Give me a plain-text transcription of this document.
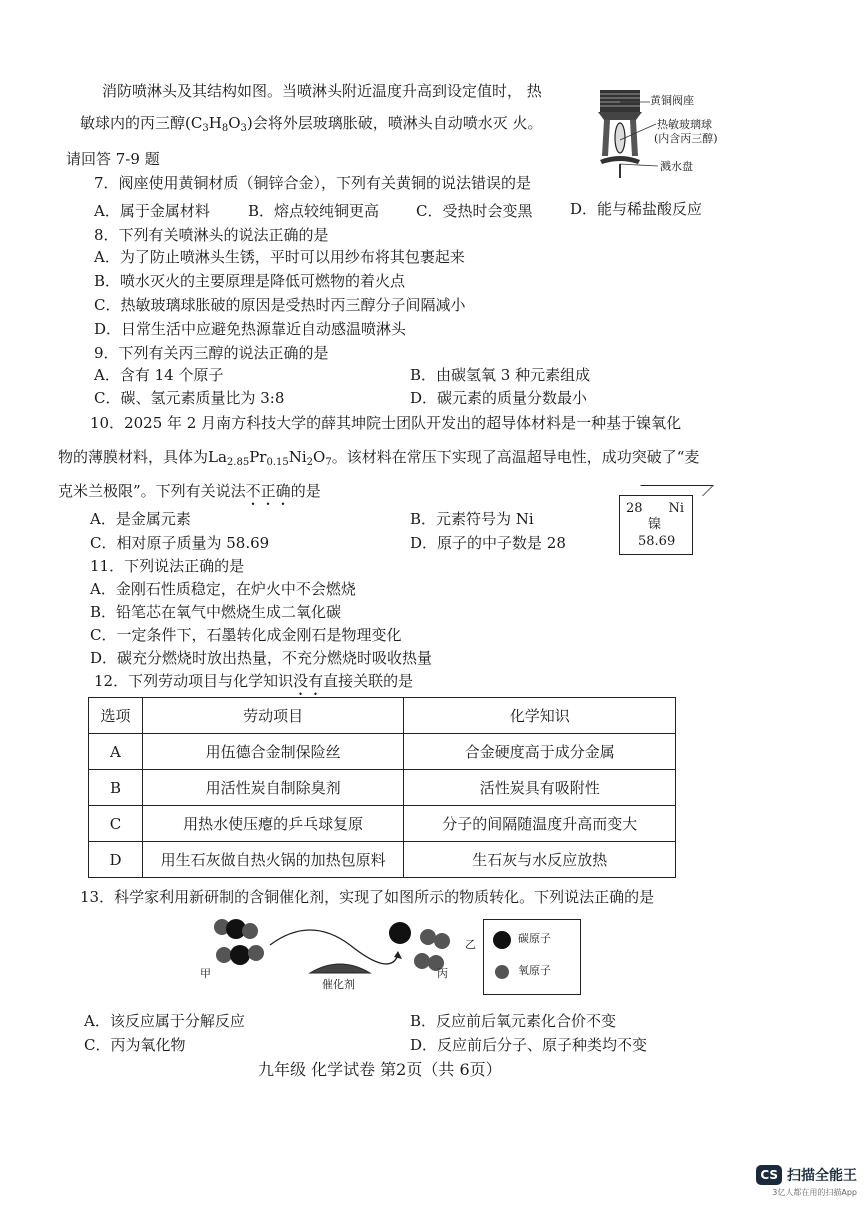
消防喷淋头及其结构如图。当喷淋头附近温度升高到设定值时， 热
敏球内的丙三醇$(C_3H_8O_3)$会将外层玻璃胀破，喷淋头自动喷水灭 火。
请回答 7-9 题
黄铜阀座
热敏玻璃球
(内含丙三醇)
溅水盘
7．阀座使用黄铜材质（铜锌合金），下列有关黄铜的说法错误的是
A．属于金属材料	B．熔点较纯铜更高 C．受热时会变黑	D．能与稀盐酸反应
8．下列有关喷淋头的说法正确的是
A．为了防止喷淋头生锈，平时可以用纱布将其包裹起来
B．喷水灭火的主要原理是降低可燃物的着火点
C．热敏玻璃球胀破的原因是受热时丙三醇分子间隔减小
D．日常生活中应避免热源靠近自动感温喷淋头
9．下列有关丙三醇的说法正确的是
A．含有 14 个原子	B．由碳氢氧 3 种元素组成
C．碳、氢元素质量比为 3:8	D．碳元素的质量分数最小
10．2025 年 2 月南方科技大学的薛其坤院士团队开发出的超导体材料是一种基于镍氧化
物的薄膜材料，具体为$La_{2.85}Pr_{0.15}Ni_2O_7$。该材料在常压下实现了高温超导电性，成功突破了“麦
克米兰极限”。下列有关说法不正确的是
A．是金属元素	B．元素符号为 Ni
C．相对原子质量为 58.69	D．原子的中子数是 28
28 Ni
镍
58.69
11．下列说法正确的是
A．金刚石性质稳定，在炉火中不会燃烧
B．铅笔芯在氧气中燃烧生成二氧化碳
C．一定条件下，石墨转化成金刚石是物理变化
D．碳充分燃烧时放出热量，不充分燃烧时吸收热量
12．下列劳动项目与化学知识没有直接关联的是
选项	劳动项目	化学知识
A	用伍德合金制保险丝	合金硬度高于成分金属
B	用活性炭自制除臭剂	活性炭具有吸附性
C	用热水使压瘪的乒乓球复原	分子的间隔随温度升高而变大
D	用生石灰做自热火锅的加热包原料	生石灰与水反应放热
13．科学家利用新研制的含铜催化剂，实现了如图所示的物质转化。下列说法正确的是
甲
乙
丙
催化剂
碳原子
氧原子
A．该反应属于分解反应	B．反应前后氧元素化合价不变
C．丙为氧化物	D．反应前后分子、原子种类均不变
九年级 化学试卷 第2页（共 6页）
CS 扫描全能王
3亿人都在用的扫描App
